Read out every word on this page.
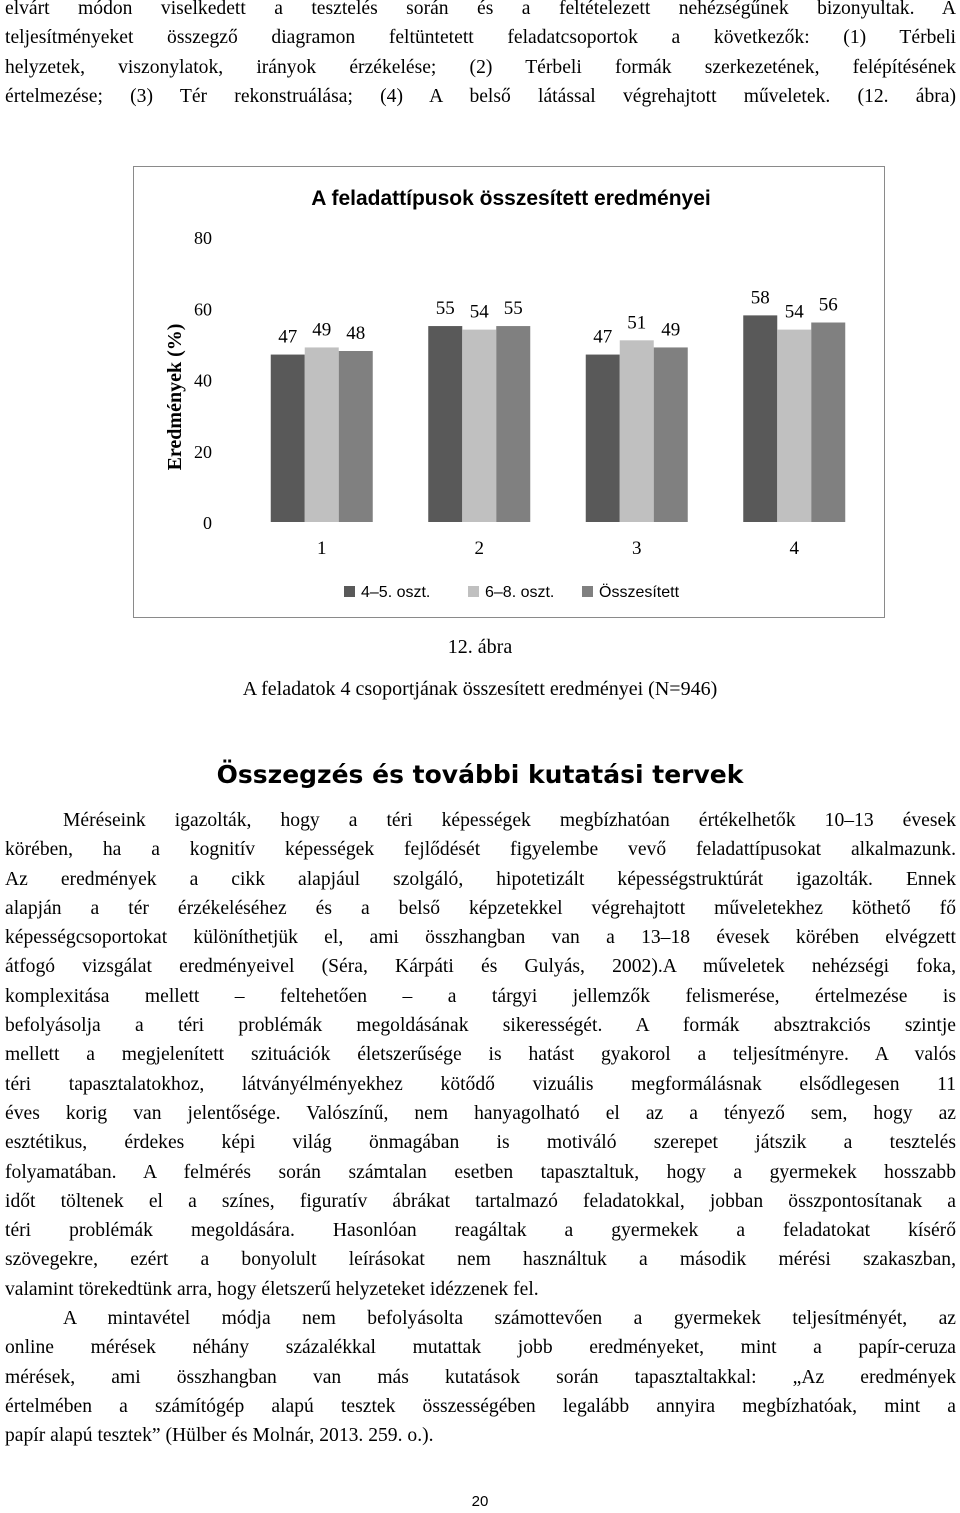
elvárt módon viselkedett a tesztelés során és a feltételezett nehézségűnek bizonyultak. A
teljesítményeket összegző diagramon feltüntetett feladatcsoportok a következők: (1) Térbeli
helyzetek, viszonylatok, irányok érzékelése; (2) Térbeli formák szerkezetének, felépítésének
értelmezése; (3) Tér rekonstruálása; (4) A belső látással végrehajtott műveletek. (12. ábra)
A feladattípusok összesített eredményei
Eredmények (%)
0
20
40
60
80
47 49 48
55 54 55
47
51 49
58
54 56
1	2	3	4
4–5. oszt.	6–8. oszt.	Összesített

12. ábra

A feladatok 4 csoportjának összesített eredményei (N=946)

Összegzés és további kutatási tervek
Méréseink igazolták, hogy a téri képességek megbízhatóan értékelhetők 10–13 évesek
körében, ha a kognitív képességek fejlődését figyelembe vevő feladattípusokat alkalmazunk.
Az eredmények a cikk alapjául szolgáló, hipotetizált képességstruktúrát igazolták. Ennek
alapján a tér érzékeléséhez és a belső képzetekkel végrehajtott műveletekhez köthető fő
képességcsoportokat különíthetjük el, ami összhangban van a 13–18 évesek körében elvégzett
átfogó vizsgálat eredményeivel (Séra, Kárpáti és Gulyás, 2002).A műveletek nehézségi foka,
komplexitása mellett – feltehetően – a tárgyi jellemzők felismerése, értelmezése is
befolyásolja a téri problémák megoldásának sikerességét. A formák absztrakciós szintje
mellett a megjelenített szituációk életszerűsége is hatást gyakorol a teljesítményre. A valós
téri tapasztalatokhoz, látványélményekhez kötődő vizuális megformálásnak elsődlegesen 11
éves korig van jelentősége. Valószínű, nem hanyagolható el az a tényező sem, hogy az
esztétikus, érdekes képi világ önmagában is motiváló szerepet játszik a tesztelés
folyamatában. A felmérés során számtalan esetben tapasztaltuk, hogy a gyermekek hosszabb
időt töltenek el a színes, figuratív ábrákat tartalmazó feladatokkal, jobban összpontosítanak a
téri problémák megoldására. Hasonlóan reagáltak a gyermekek a feladatokat kísérő
szövegekre, ezért a bonyolult leírásokat nem használtuk a második mérési szakaszban,
valamint törekedtünk arra, hogy életszerű helyzeteket idézzenek fel.
A mintavétel módja nem befolyásolta számottevően a gyermekek teljesítményét, az
online mérések néhány százalékkal mutattak jobb eredményeket, mint a papír-ceruza
mérések, ami összhangban van más kutatások során tapasztaltakkal: „Az eredmények
értelmében a számítógép alapú tesztek összességében legalább annyira megbízhatóak, mint a
papír alapú tesztek” (Hülber és Molnár, 2013. 259. o.).
20
